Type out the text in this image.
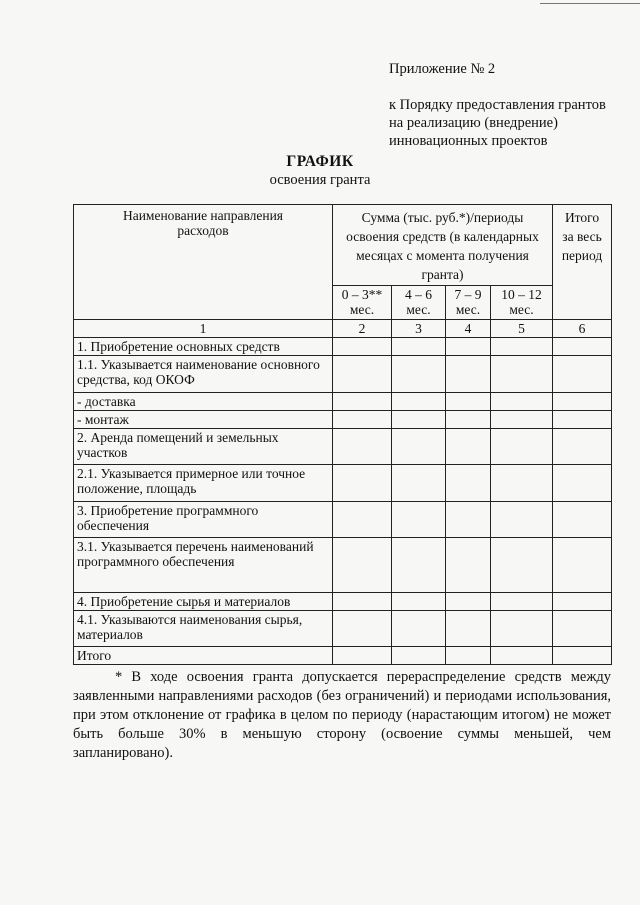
Приложение № 2
к Порядку предоставления грантов
на реализацию (внедрение)
инновационных проектов
ГРАФИК
освоения гранта
Наименование направления расходов	Сумма (тыс. руб.*)/периоды освоения средств (в календарных месяцах с момента получения гранта)				Итого за весь период
	0 – 3** мес.	4 – 6 мес.	7 – 9 мес.	10 – 12 мес.	
1	2	3	4	5	6
1. Приобретение основных средств					
1.1. Указывается наименование основного средства, код ОКОФ					
- доставка					
- монтаж					
2. Аренда помещений и земельных участков					
2.1. Указывается примерное или точное положение, площадь					
3. Приобретение программного обеспечения					
3.1. Указывается перечень наименований программного обеспечения					
4. Приобретение сырья и материалов					
4.1. Указываются наименования сырья, материалов					
Итого					

* В ходе освоения гранта допускается перераспределение средств между заявленными направлениями расходов (без ограничений) и периодами использования, при этом отклонение от графика в целом по периоду (нарастающим итогом) не может быть больше 30% в меньшую сторону (освоение суммы меньшей, чем запланировано).
